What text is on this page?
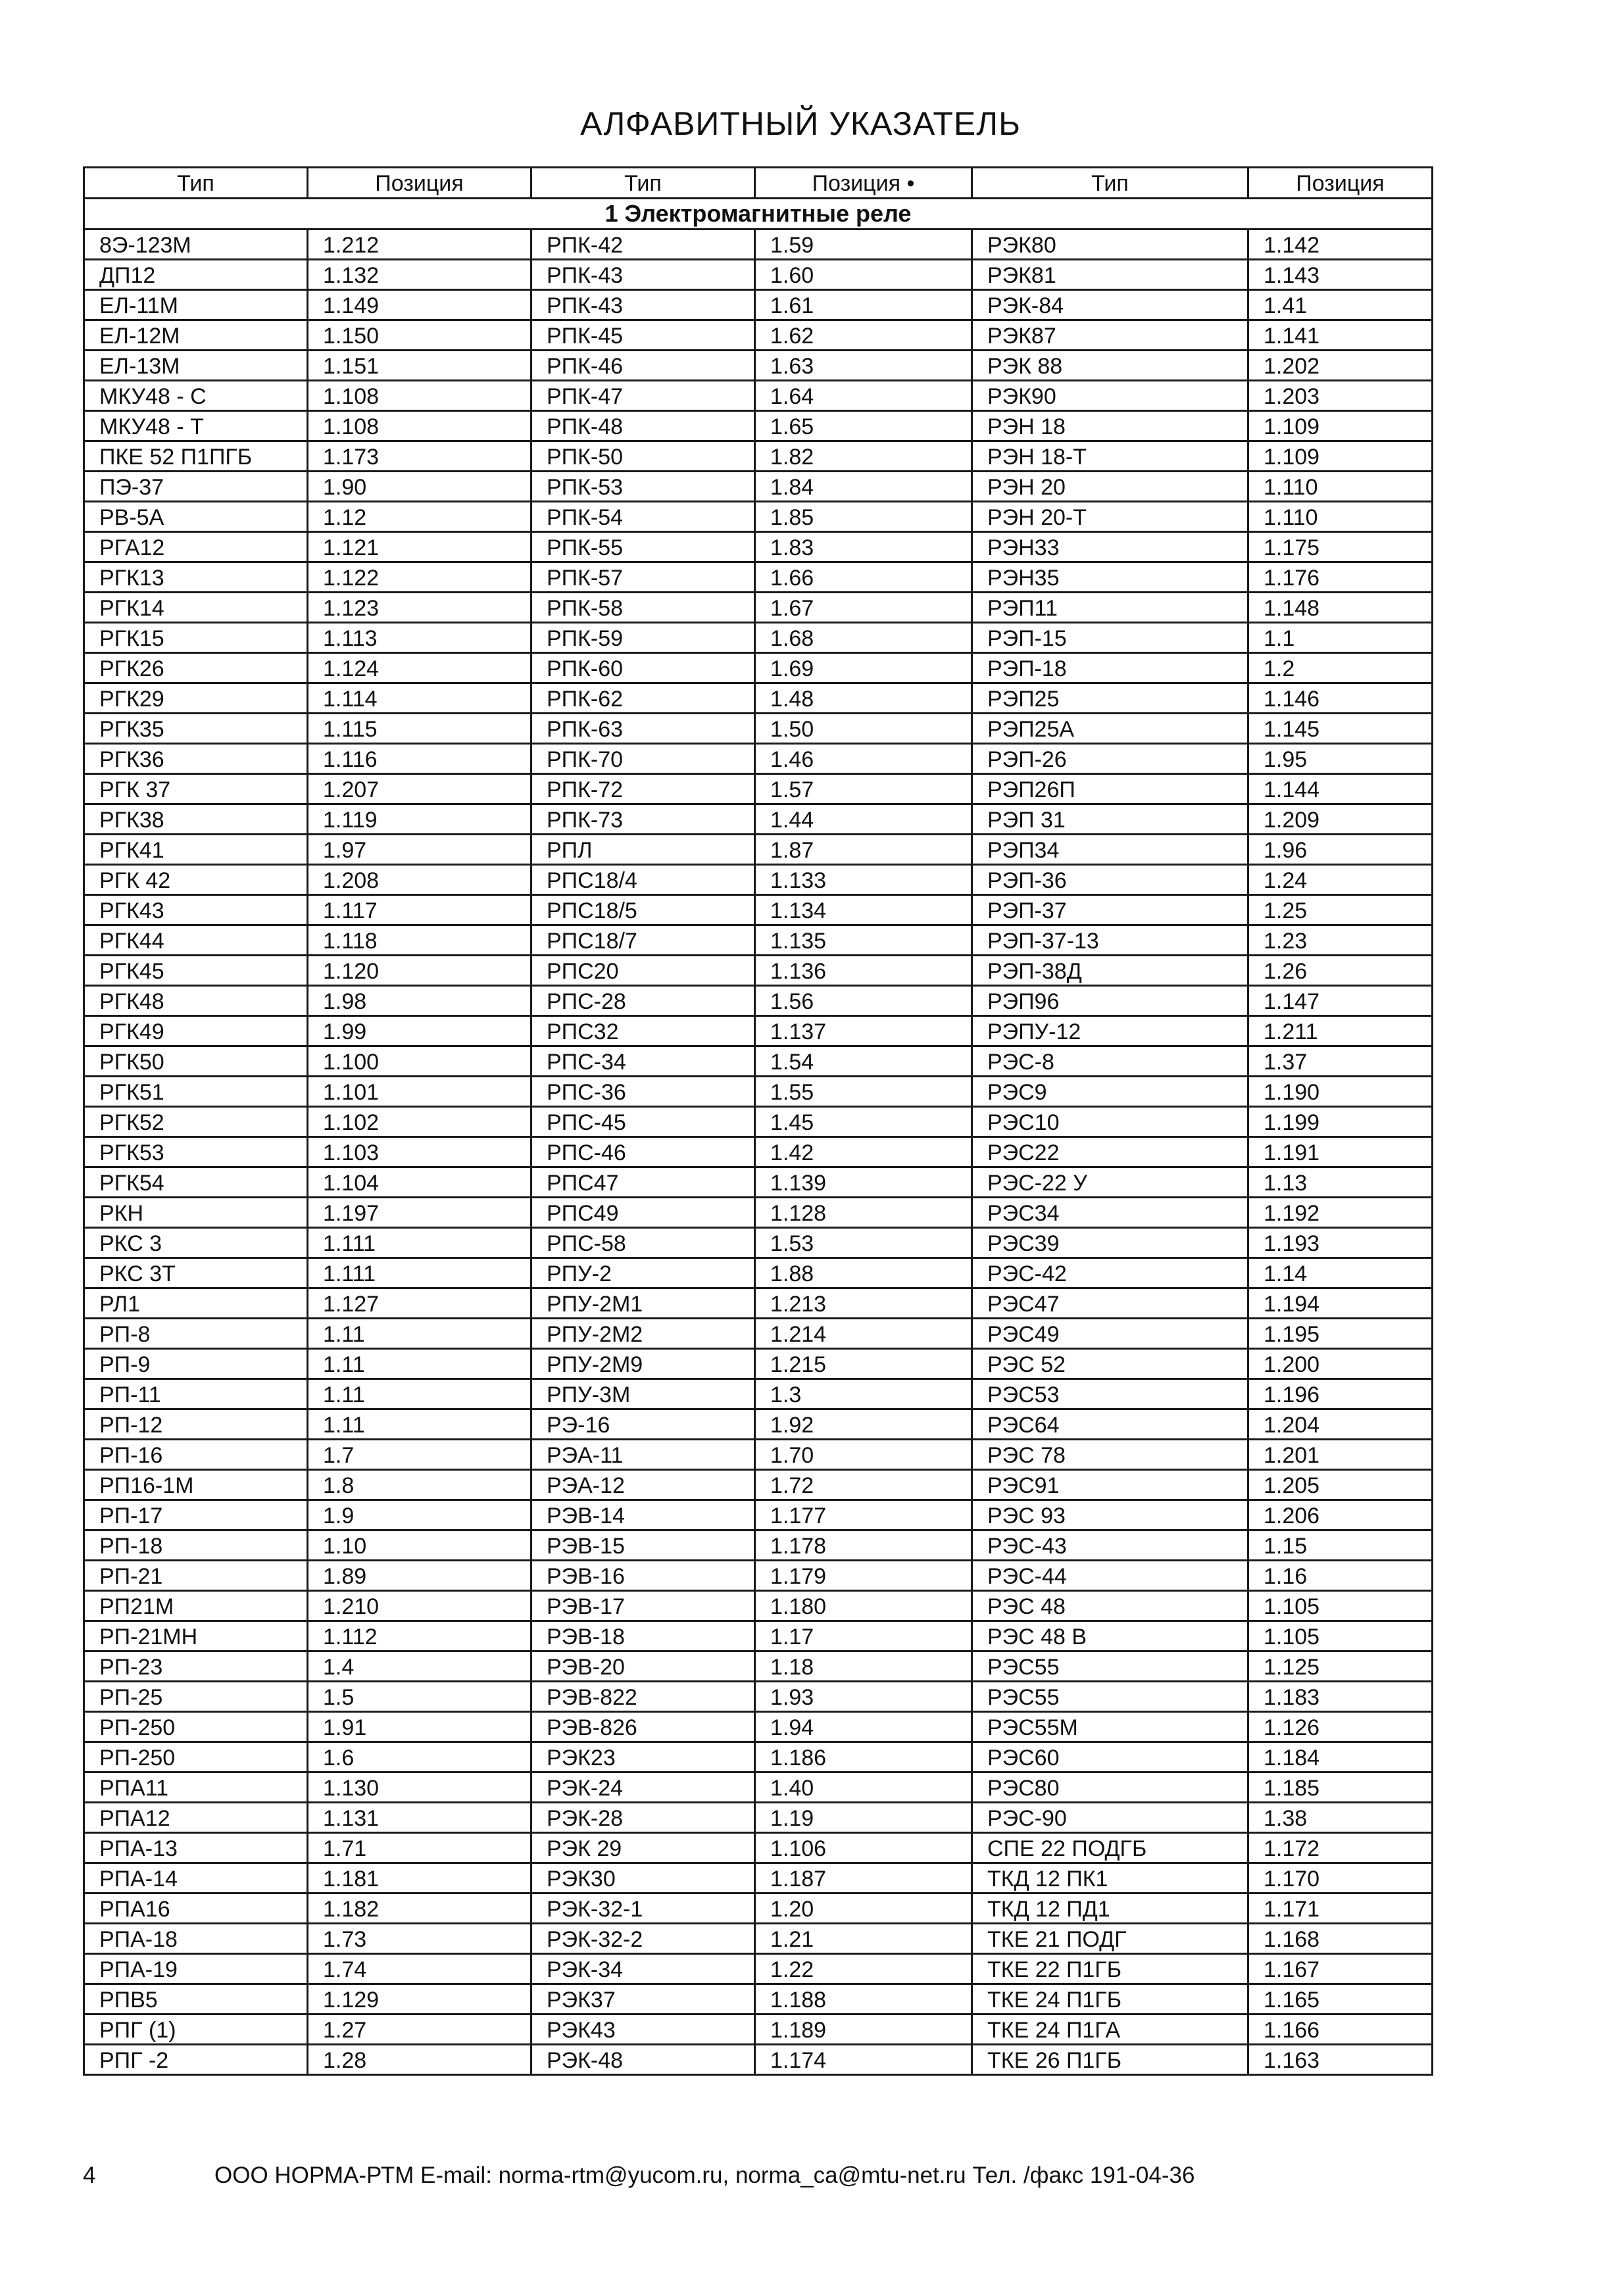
АЛФАВИТНЫЙ УКАЗАТЕЛЬ
Тип	Позиция	Тип	Позиция •	Тип	Позиция
1 Электромагнитные реле					
8Э-123М	1.212	РПК-42	1.59	РЭК80	1.142
ДП12	1.132	РПК-43	1.60	РЭК81	1.143
ЕЛ-11М	1.149	РПК-43	1.61	РЭК-84	1.41
ЕЛ-12М	1.150	РПК-45	1.62	РЭК87	1.141
ЕЛ-13М	1.151	РПК-46	1.63	РЭК 88	1.202
МКУ48 - С	1.108	РПК-47	1.64	РЭК90	1.203
МКУ48 - Т	1.108	РПК-48	1.65	РЭН 18	1.109
ПКЕ 52 П1ПГБ	1.173	РПК-50	1.82	РЭН 18-Т	1.109
ПЭ-37	1.90	РПК-53	1.84	РЭН 20	1.110
РВ-5А	1.12	РПК-54	1.85	РЭН 20-Т	1.110
РГА12	1.121	РПК-55	1.83	РЭН33	1.175
РГК13	1.122	РПК-57	1.66	РЭН35	1.176
РГК14	1.123	РПК-58	1.67	РЭП11	1.148
РГК15	1.113	РПК-59	1.68	РЭП-15	1.1
РГК26	1.124	РПК-60	1.69	РЭП-18	1.2
РГК29	1.114	РПК-62	1.48	РЭП25	1.146
РГК35	1.115	РПК-63	1.50	РЭП25А	1.145
РГК36	1.116	РПК-70	1.46	РЭП-26	1.95
РГК 37	1.207	РПК-72	1.57	РЭП26П	1.144
РГК38	1.119	РПК-73	1.44	РЭП 31	1.209
РГК41	1.97	РПЛ	1.87	РЭП34	1.96
РГК 42	1.208	РПС18/4	1.133	РЭП-36	1.24
РГК43	1.117	РПС18/5	1.134	РЭП-37	1.25
РГК44	1.118	РПС18/7	1.135	РЭП-37-13	1.23
РГК45	1.120	РПС20	1.136	РЭП-38Д	1.26
РГК48	1.98	РПС-28	1.56	РЭП96	1.147
РГК49	1.99	РПС32	1.137	РЭПУ-12	1.211
РГК50	1.100	РПС-34	1.54	РЭС-8	1.37
РГК51	1.101	РПС-36	1.55	РЭС9	1.190
РГК52	1.102	РПС-45	1.45	РЭС10	1.199
РГК53	1.103	РПС-46	1.42	РЭС22	1.191
РГК54	1.104	РПС47	1.139	РЭС-22 У	1.13
РКН	1.197	РПС49	1.128	РЭС34	1.192
РКС 3	1.111	РПС-58	1.53	РЭС39	1.193
РКС 3Т	1.111	РПУ-2	1.88	РЭС-42	1.14
РЛ1	1.127	РПУ-2М1	1.213	РЭС47	1.194
РП-8	1.11	РПУ-2М2	1.214	РЭС49	1.195
РП-9	1.11	РПУ-2М9	1.215	РЭС 52	1.200
РП-11	1.11	РПУ-3М	1.3	РЭС53	1.196
РП-12	1.11	РЭ-16	1.92	РЭС64	1.204
РП-16	1.7	РЭА-11	1.70	РЭС 78	1.201
РП16-1М	1.8	РЭА-12	1.72	РЭС91	1.205
РП-17	1.9	РЭВ-14	1.177	РЭС 93	1.206
РП-18	1.10	РЭВ-15	1.178	РЭС-43	1.15
РП-21	1.89	РЭВ-16	1.179	РЭС-44	1.16
РП21М	1.210	РЭВ-17	1.180	РЭС 48	1.105
РП-21МН	1.112	РЭВ-18	1.17	РЭС 48 В	1.105
РП-23	1.4	РЭВ-20	1.18	РЭС55	1.125
РП-25	1.5	РЭВ-822	1.93	РЭС55	1.183
РП-250	1.91	РЭВ-826	1.94	РЭС55М	1.126
РП-250	1.6	РЭК23	1.186	РЭС60	1.184
РПА11	1.130	РЭК-24	1.40	РЭС80	1.185
РПА12	1.131	РЭК-28	1.19	РЭС-90	1.38
РПА-13	1.71	РЭК 29	1.106	СПЕ 22 ПОДГБ	1.172
РПА-14	1.181	РЭК30	1.187	ТКД 12 ПК1	1.170
РПА16	1.182	РЭК-32-1	1.20	ТКД 12 ПД1	1.171
РПА-18	1.73	РЭК-32-2	1.21	ТКЕ 21 ПОДГ	1.168
РПА-19	1.74	РЭК-34	1.22	ТКЕ 22 П1ГБ	1.167
РПВ5	1.129	РЭК37	1.188	ТКЕ 24 П1ГБ	1.165
РПГ (1)	1.27	РЭК43	1.189	ТКЕ 24 П1ГА	1.166
РПГ -2	1.28	РЭК-48	1.174	ТКЕ 26 П1ГБ	1.163
4	ООО НОРМА-РТМ E-mail: norma-rtm@yucom.ru, norma_ca@mtu-net.ru Тел. /факс 191-04-36
